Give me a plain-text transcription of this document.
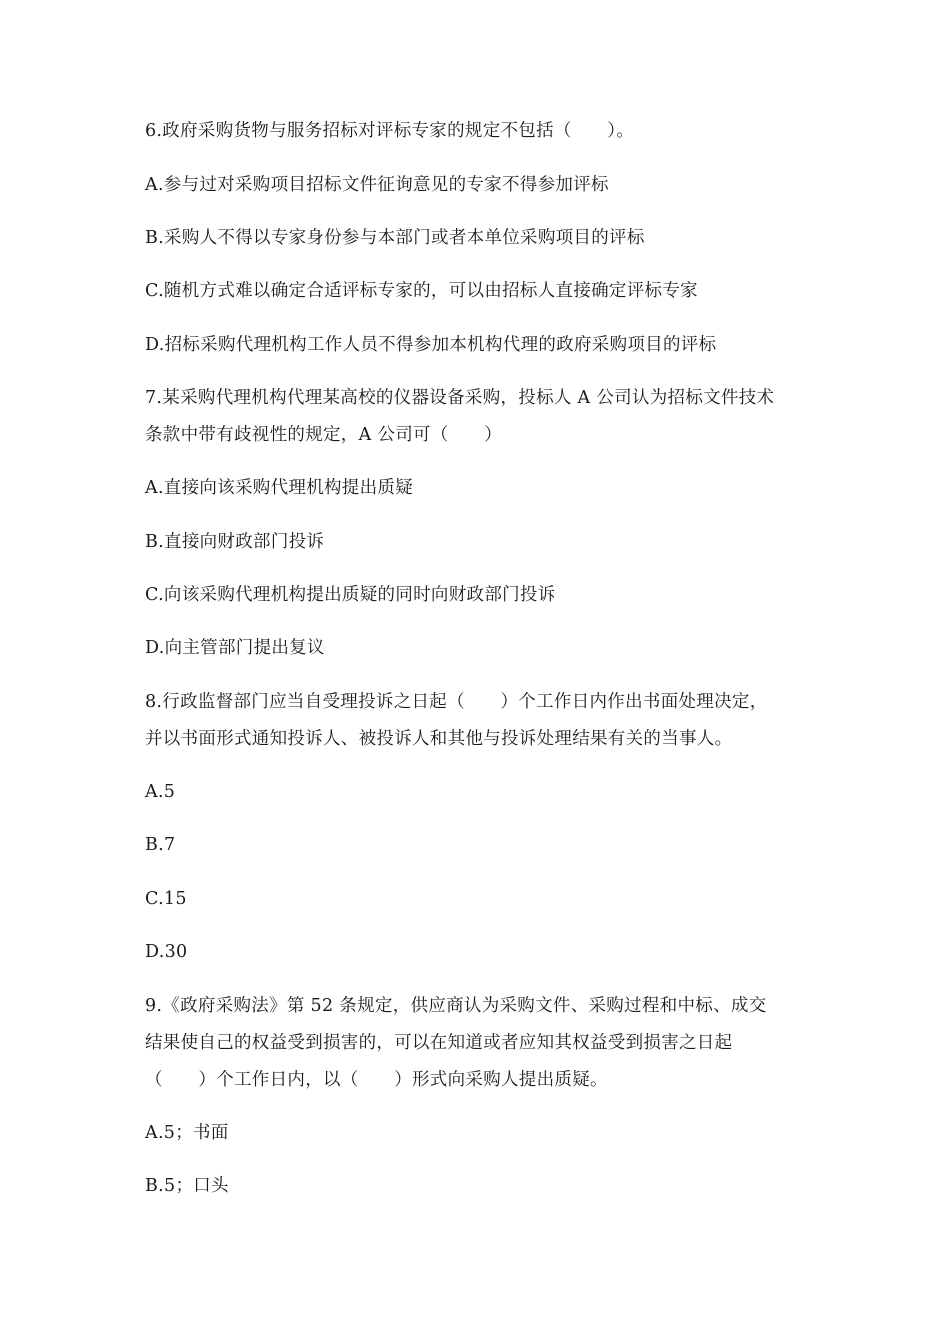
6.政府采购货物与服务招标对评标专家的规定不包括（　　）。
A.参与过对采购项目招标文件征询意见的专家不得参加评标
B.采购人不得以专家身份参与本部门或者本单位采购项目的评标
C.随机方式难以确定合适评标专家的，可以由招标人直接确定评标专家
D.招标采购代理机构工作人员不得参加本机构代理的政府采购项目的评标
7.某采购代理机构代理某高校的仪器设备采购，投标人 A 公司认为招标文件技术
条款中带有歧视性的规定，A 公司可（　　）
A.直接向该采购代理机构提出质疑
B.直接向财政部门投诉
C.向该采购代理机构提出质疑的同时向财政部门投诉
D.向主管部门提出复议
8.行政监督部门应当自受理投诉之日起（　　）个工作日内作出书面处理决定，
并以书面形式通知投诉人、被投诉人和其他与投诉处理结果有关的当事人。
A.5
B.7
C.15
D.30
9.《政府采购法》第 52 条规定，供应商认为采购文件、采购过程和中标、成交
结果使自己的权益受到损害的，可以在知道或者应知其权益受到损害之日起
（　　）个工作日内，以（　　）形式向采购人提出质疑。
A.5；书面
B.5；口头
